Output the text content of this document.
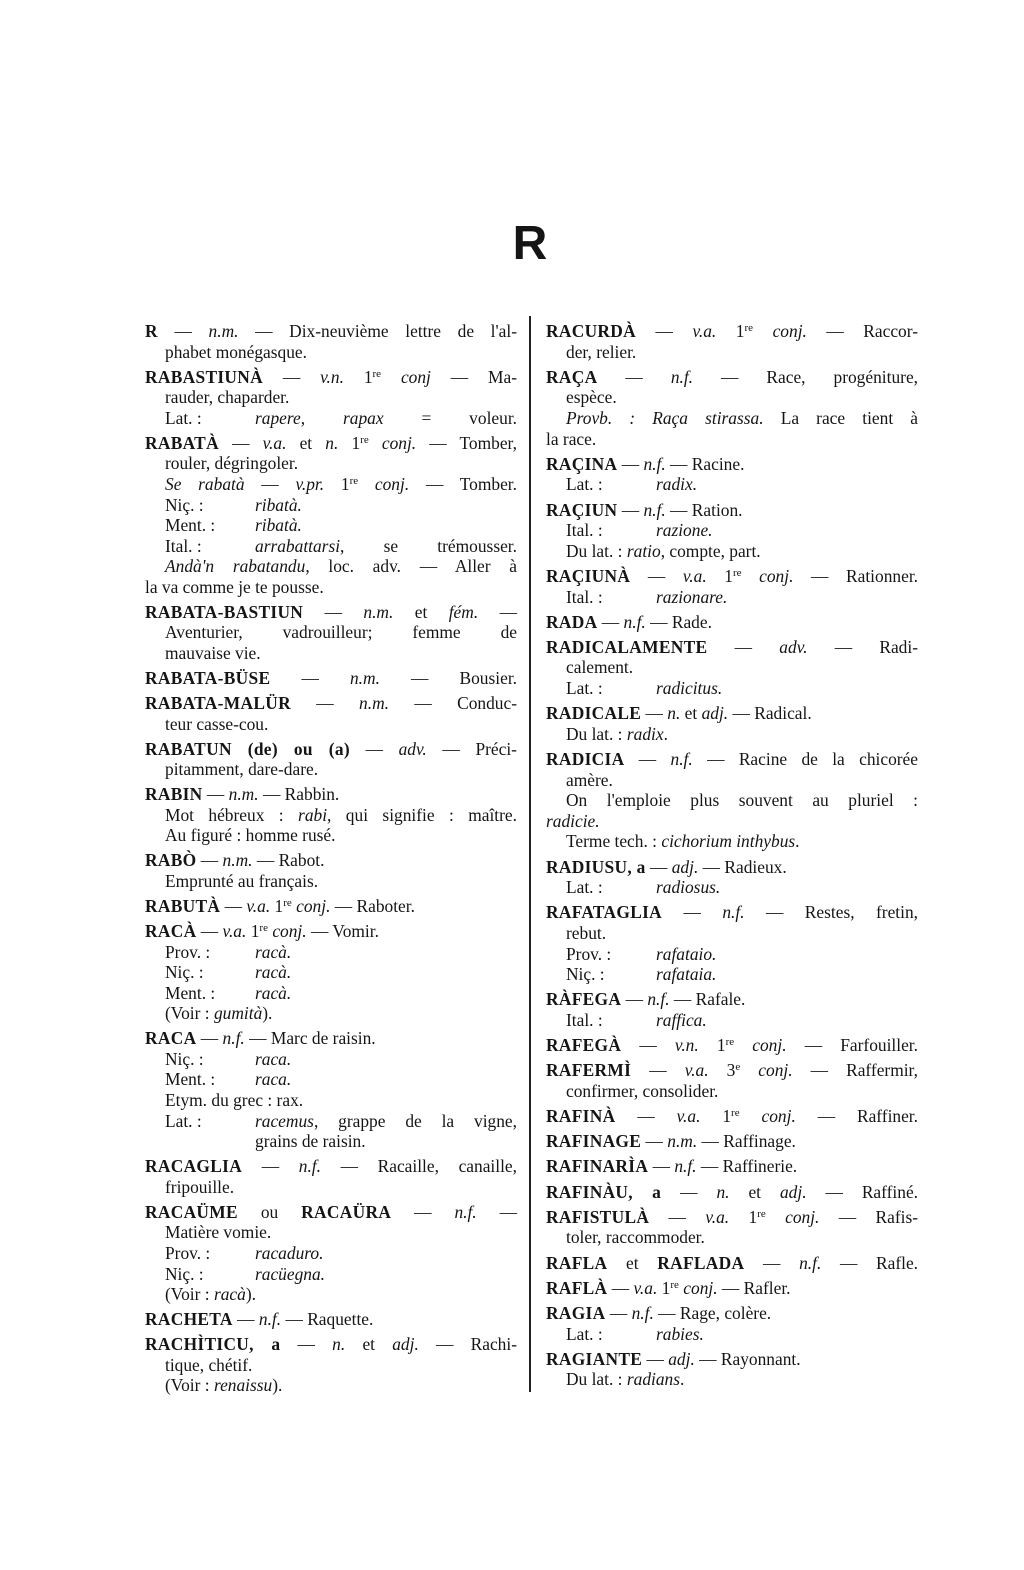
R
R — n.m. — Dix-neuvième lettre de l'al-
phabet monégasque.
RABASTIUNÀ — v.n. 1re conj — Ma-
rauder, chaparder.
Lat. :	rapere, rapax = voleur.
RABATÀ — v.a. et n. 1re conj. — Tomber,
rouler, dégringoler.
Se rabatà — v.pr. 1re conj. — Tomber.
Niç. :	ribatà.
Ment. : ribatà.
Ital. :	arrabattarsi, se trémousser.
Andà'n rabatandu, loc. adv. — Aller à
la va comme je te pousse.
RABATA-BASTIUN — n.m. et fém. —
Aventurier, vadrouilleur; femme de
mauvaise vie.
RABATA-BÜSE — n.m. — Bousier.
RABATA-MALÜR — n.m. — Conduc-
teur casse-cou.
RABATUN (de) ou (a) — adv. — Préci-
pitamment, dare-dare.
RABIN — n.m. — Rabbin.
Mot hébreux : rabi, qui signifie : maître.
Au figuré : homme rusé.
RABÒ — n.m. — Rabot.
Emprunté au français.
RABUTÀ — v.a. 1re conj. — Raboter.
RACÀ — v.a. 1re conj. — Vomir.
Prov. :	racà.
Niç. :	racà.
Ment. : racà.
(Voir : gumità).
RACA — n.f. — Marc de raisin.
Niç. :	raca.
Ment. : raca.
Etym. du grec : rax.
Lat. :	racemus, grappe de la vigne,
grains de raisin.
RACAGLIA — n.f. — Racaille, canaille,
fripouille.
RACAÜME ou RACAÜRA — n.f. —
Matière vomie.
Prov. :	racaduro.
Niç. :	racüegna.
(Voir : racà).
RACHETA — n.f. — Raquette.
RACHÌTICU, a — n. et adj. — Rachi-
tique, chétif.
(Voir : renaissu).
RACURDÀ — v.a. 1re conj. — Raccor-
der, relier.
RAÇA — n.f. — Race, progéniture,
espèce.
Provb. : Raça stirassa. La race tient à
la race.
RAÇINA — n.f. — Racine.
Lat. :	radix.
RAÇIUN — n.f. — Ration.
Ital. :	razione.
Du lat. : ratio, compte, part.
RAÇIUNÀ — v.a. 1re conj. — Rationner.
Ital. :	razionare.
RADA — n.f. — Rade.
RADICALAMENTE — adv. — Radi-
calement.
Lat. :	radicitus.
RADICALE — n. et adj. — Radical.
Du lat. : radix.
RADICIA — n.f. — Racine de la chicorée
amère.
On l'emploie plus souvent au pluriel :
radicie.
Terme tech. : cichorium inthybus.
RADIUSU, a — adj. — Radieux.
Lat. :	radiosus.
RAFATAGLIA — n.f. — Restes, fretin,
rebut.
Prov. :	rafataio.
Niç. :	rafataia.
RÀFEGA — n.f. — Rafale.
Ital. :	raffica.
RAFEGÀ — v.n. 1re conj. — Farfouiller.
RAFERMÌ — v.a. 3e conj. — Raffermir,
confirmer, consolider.
RAFINÀ — v.a. 1re conj. — Raffiner.
RAFINAGE — n.m. — Raffinage.
RAFINARÌA — n.f. — Raffinerie.
RAFINÀU, a — n. et adj. — Raffiné.
RAFISTULÀ — v.a. 1re conj. — Rafis-
toler, raccommoder.
RAFLA et RAFLADA — n.f. — Rafle.
RAFLÀ — v.a. 1re conj. — Rafler.
RAGIA — n.f. — Rage, colère.
Lat. :	rabies.
RAGIANTE — adj. — Rayonnant.
Du lat. : radians.
